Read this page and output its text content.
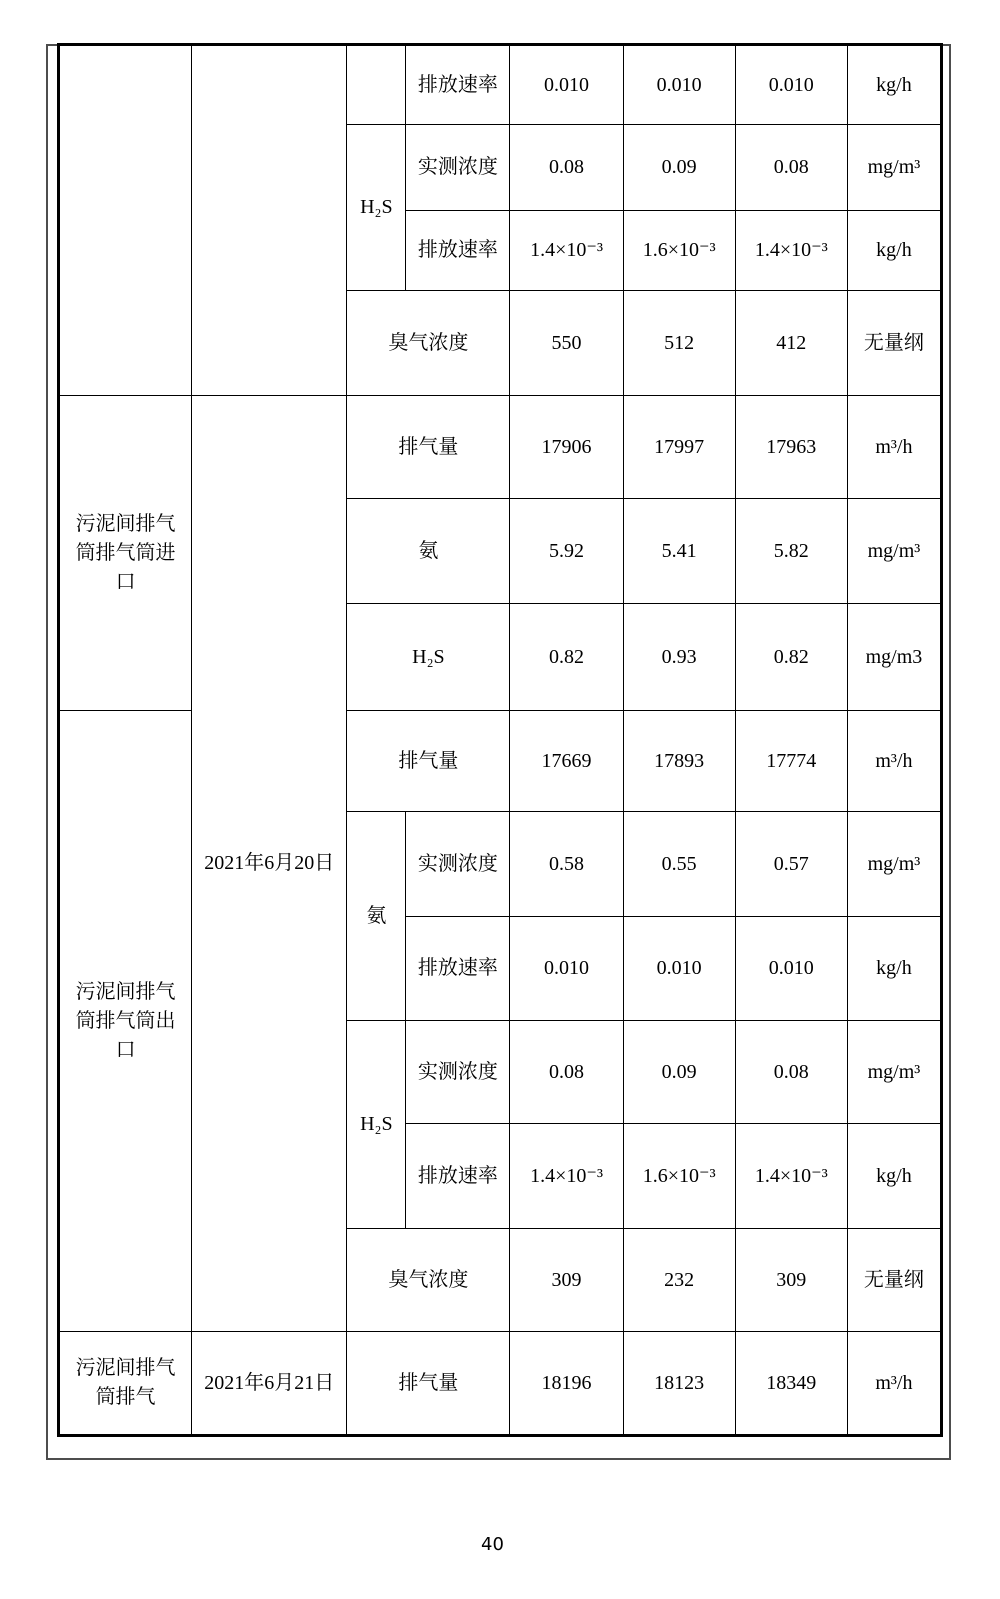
			排放速率	0.010	0.010	0.010	kg/h
		H₂S	实测浓度	0.08	0.09	0.08	mg/m³
			排放速率	1.4×10⁻³	1.6×10⁻³	1.4×10⁻³	kg/h
		臭气浓度		550	512	412	无量纲
污泥间排气筒排气筒进口	2021年6月20日	排气量		17906	17997	17963	m³/h
		氨		5.92	5.41	5.82	mg/m³
		H₂S		0.82	0.93	0.82	mg/m3
污泥间排气筒排气筒出口		排气量		17669	17893	17774	m³/h
		氨	实测浓度	0.58	0.55	0.57	mg/m³
			排放速率	0.010	0.010	0.010	kg/h
		H₂S	实测浓度	0.08	0.09	0.08	mg/m³
			排放速率	1.4×10⁻³	1.6×10⁻³	1.4×10⁻³	kg/h
		臭气浓度		309	232	309	无量纲
污泥间排气筒排气	2021年6月21日	排气量		18196	18123	18349	m³/h
40
